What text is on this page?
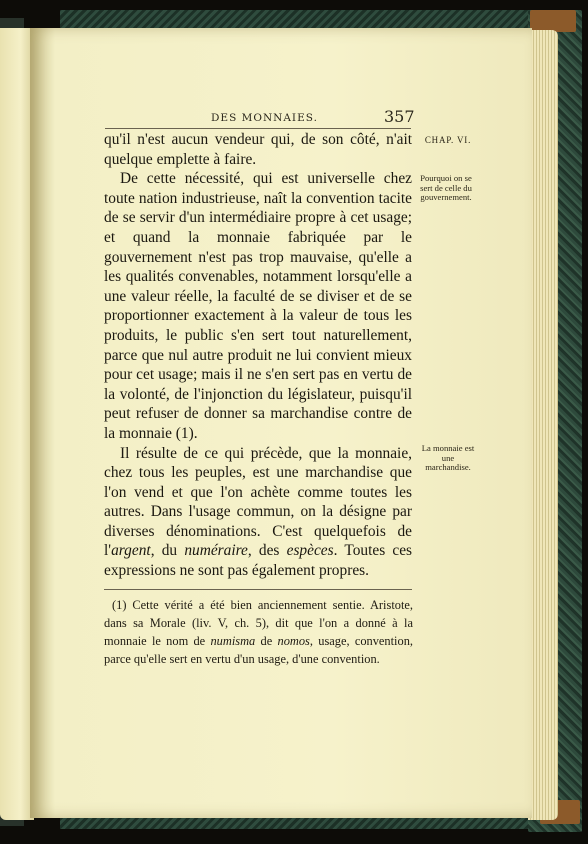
DES MONNAIES.	357
CHAP. VI.
Pourquoi on se sert de celle du gouvernement.
La monnaie est une marchandise.

qu'il n'est aucun vendeur qui, de son côté, n'ait quelque emplette à faire.

De cette nécessité, qui est universelle chez toute nation industrieuse, naît la convention tacite de se servir d'un intermédiaire propre à cet usage; et quand la monnaie fabriquée par le gouvernement n'est pas trop mauvaise, qu'elle a les qualités convenables, notamment lorsqu'elle a une valeur réelle, la faculté de se diviser et de se proportionner exactement à la valeur de tous les produits, le public s'en sert tout naturellement, parce que nul autre produit ne lui convient mieux pour cet usage; mais il ne s'en sert pas en vertu de la volonté, de l'injonction du législateur, puisqu'il peut refuser de donner sa marchandise contre de la monnaie (1).

Il résulte de ce qui précède, que la monnaie, chez tous les peuples, est une marchandise que l'on vend et que l'on achète comme toutes les autres. Dans l'usage commun, on la désigne par diverses dénominations. C'est quelquefois de l'argent, du numéraire, des espèces. Toutes ces expressions ne sont pas également propres.

(1) Cette vérité a été bien anciennement sentie. Aristote, dans sa Morale (liv. V, ch. 5), dit que l'on a donné à la monnaie le nom de numisma de nomos, usage, convention, parce qu'elle sert en vertu d'un usage, d'une convention.
